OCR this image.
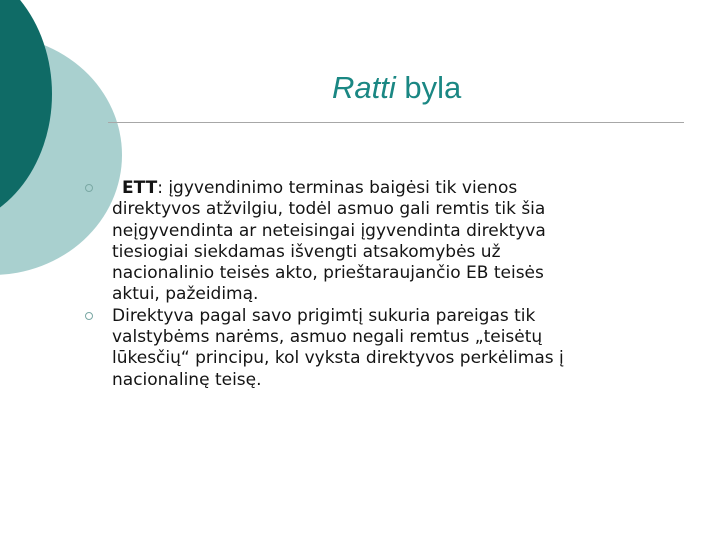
Ratti byla
ETT: įgyvendinimo terminas baigėsi tik vienos
direktyvos atžvilgiu, todėl asmuo gali remtis tik šia
neįgyvendinta ar neteisingai įgyvendinta direktyva
tiesiogiai siekdamas išvengti atsakomybės už
nacionalinio teisės akto, prieštaraujančio EB teisės
aktui, pažeidimą.
Direktyva pagal savo prigimtį sukuria pareigas tik
valstybėms narėms, asmuo negali remtus „teisėtų
lūkesčių“ principu, kol vyksta direktyvos perkėlimas į
nacionalinę teisę.
